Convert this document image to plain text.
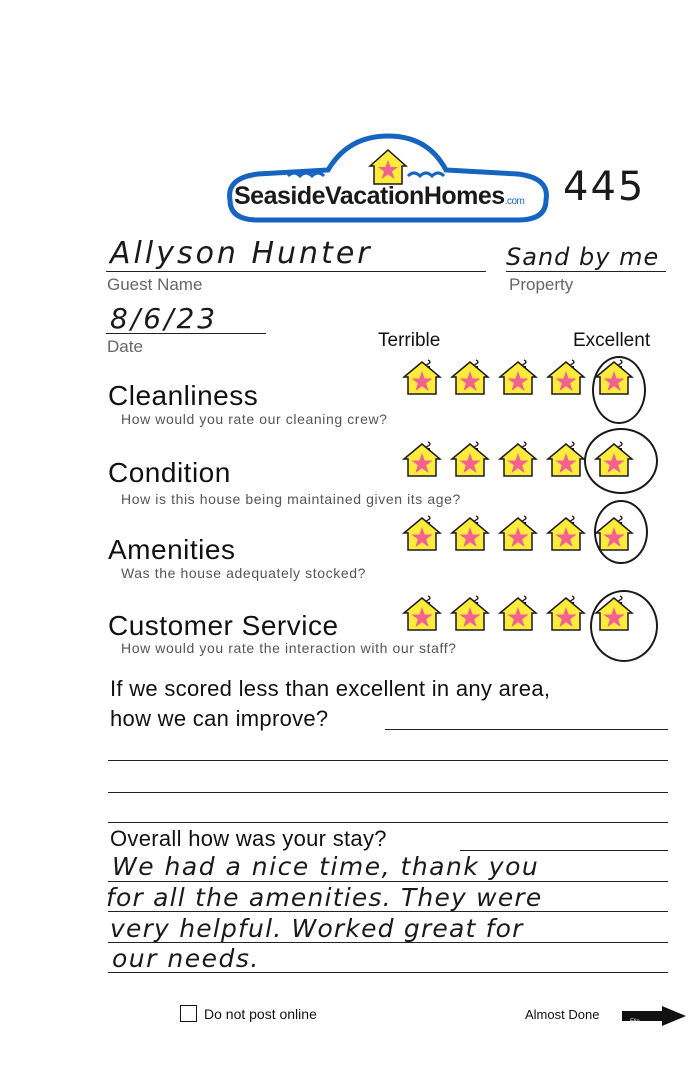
SeasideVacationHomes.com 445
Allyson Hunter
Guest Name
Sand by me
Property
8/6/23
Date	Terrible	Excellent
Cleanliness
How would you rate our cleaning crew?
Condition
How is this house being maintained given its age?
Amenities
Was the house adequately stocked?
Customer Service
How would you rate the interaction with our staff?
If we scored less than excellent in any area,
how we can improve?
Overall how was your stay?
We had a nice time, thank you
for all the amenities. They were
very helpful. Worked great for
our needs.
Do not post online	Almost Done	Flip
